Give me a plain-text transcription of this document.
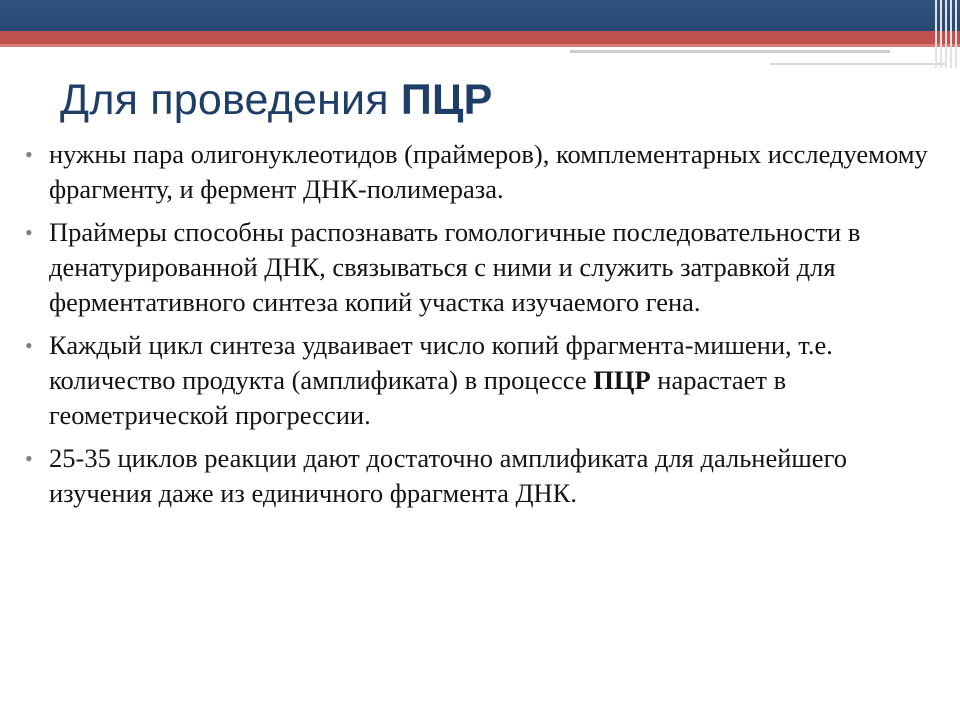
Для проведения ПЦР
• нужны пара олигонуклеотидов (праймеров), комплементарных исследуемому фрагменту, и фермент ДНК-полимераза.
• Праймеры способны распознавать гомологичные последовательности в денатурированной ДНК, связываться с ними и служить затравкой для ферментативного синтеза копий участка изучаемого гена.
• Каждый цикл синтеза удваивает число копий фрагмента-мишени, т.е. количество продукта (амплификата) в процессе ПЦР нарастает в геометрической прогрессии.
• 25-35 циклов реакции дают достаточно амплификата для дальнейшего изучения даже из единичного фрагмента ДНК.
